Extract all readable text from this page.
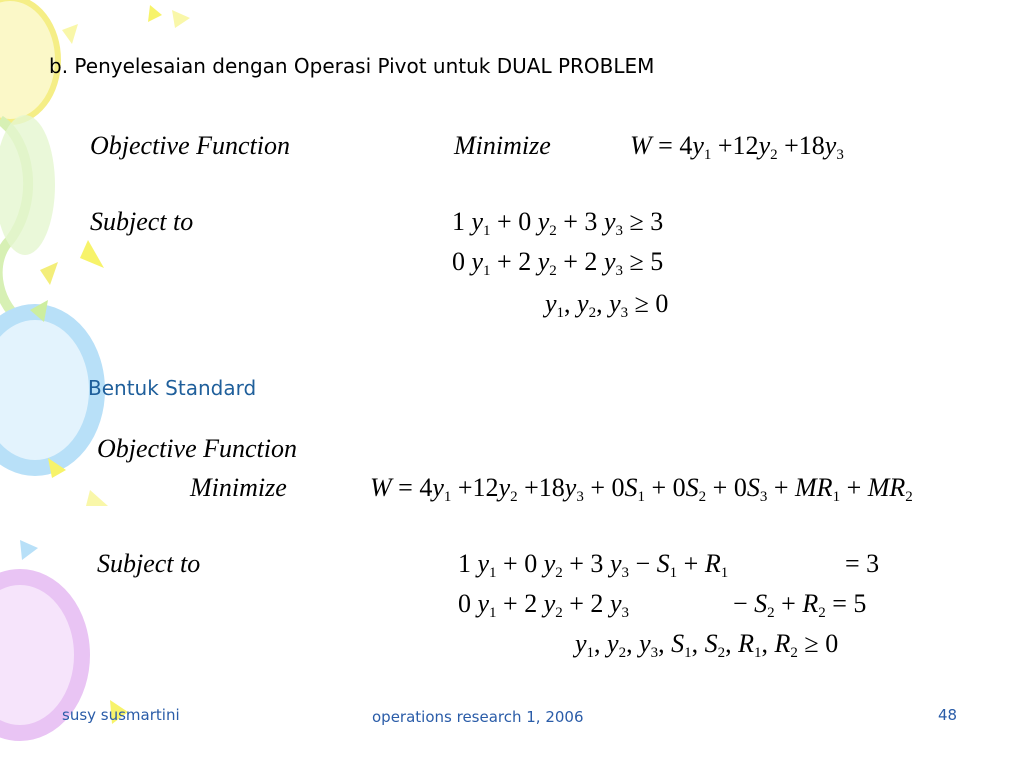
b. Penyelesaian dengan Operasi Pivot untuk DUAL PROBLEM
Objective Function	Minimize	$W = 4y_1 +12y_2 +18y_3$
Subject to	1 $y_1 + 0$ $y_2 + 3$ $y_3 \ge 3$
0 $y_1 + 2$ $y_2 + 2$ $y_3 \ge 5$
$y_1$, $y_2$, $y_3 \ge 0$
Bentuk Standard
Objective Function
Minimize	$W = 4y_1 +12y_2 +18y_3 + 0S_1 + 0S_2 + 0S_3 + MR_1 + MR_2$
Subject to	1 $y_1 + 0$ $y_2 + 3$ $y_3 - S_1 + R_1$	= 3
0 $y_1 + 2$ $y_2 + 2$ $y_3$	− $S_2 + R_2 = 5$
$y_1$, $y_2$, $y_3$, $S_1$, $S_2$, $R_1$, $R_2 \ge 0$
susy susmartini	operations research 1, 2006	48
